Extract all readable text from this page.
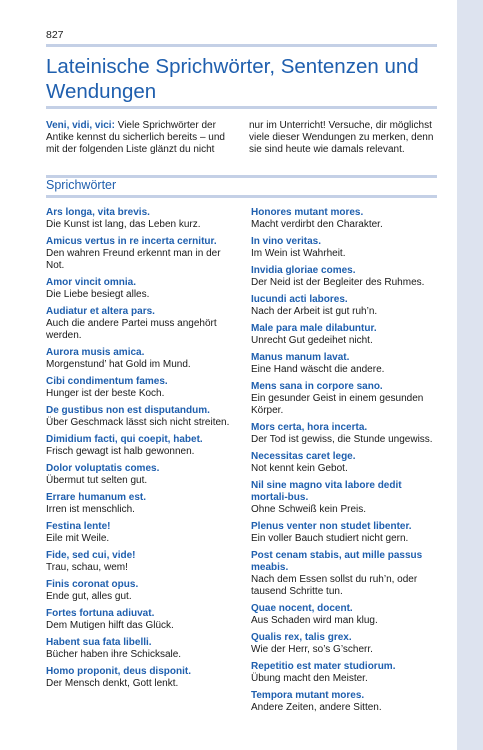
827
Lateinische Sprichwörter, Sentenzen und Wendungen
Veni, vidi, vici: Viele Sprichwörter der Antike kennst du sicherlich bereits – und mit der folgenden Liste glänzt du nicht
nur im Unterricht! Versuche, dir möglichst viele dieser Wendungen zu merken, denn sie sind heute wie damals relevant.
Sprichwörter
Ars longa, vita brevis.
Die Kunst ist lang, das Leben kurz.
Amicus vertus in re incerta cernitur.
Den wahren Freund erkennt man in der Not.
Amor vincit omnia.
Die Liebe besiegt alles.
Audiatur et altera pars.
Auch die andere Partei muss angehört werden.
Aurora musis amica.
Morgenstund’ hat Gold im Mund.
Cibi condimentum fames.
Hunger ist der beste Koch.
De gustibus non est disputandum.
Über Geschmack lässt sich nicht streiten.
Dimidium facti, qui coepit, habet.
Frisch gewagt ist halb gewonnen.
Dolor voluptatis comes.
Übermut tut selten gut.
Errare humanum est.
Irren ist menschlich.
Festina lente!
Eile mit Weile.
Fide, sed cui, vide!
Trau, schau, wem!
Finis coronat opus.
Ende gut, alles gut.
Fortes fortuna adiuvat.
Dem Mutigen hilft das Glück.
Habent sua fata libelli.
Bücher haben ihre Schicksale.
Homo proponit, deus disponit.
Der Mensch denkt, Gott lenkt.
Honores mutant mores.
Macht verdirbt den Charakter.
In vino veritas.
Im Wein ist Wahrheit.
Invidia gloriae comes.
Der Neid ist der Begleiter des Ruhmes.
Iucundi acti labores.
Nach der Arbeit ist gut ruh’n.
Male para male dilabuntur.
Unrecht Gut gedeihet nicht.
Manus manum lavat.
Eine Hand wäscht die andere.
Mens sana in corpore sano.
Ein gesunder Geist in einem gesunden Körper.
Mors certa, hora incerta.
Der Tod ist gewiss, die Stunde ungewiss.
Necessitas caret lege.
Not kennt kein Gebot.
Nil sine magno vita labore dedit mortali-bus.
Ohne Schweiß kein Preis.
Plenus venter non studet libenter.
Ein voller Bauch studiert nicht gern.
Post cenam stabis, aut mille passus meabis.
Nach dem Essen sollst du ruh’n, oder tausend Schritte tun.
Quae nocent, docent.
Aus Schaden wird man klug.
Qualis rex, talis grex.
Wie der Herr, so’s G’scherr.
Repetitio est mater studiorum.
Übung macht den Meister.
Tempora mutant mores.
Andere Zeiten, andere Sitten.
